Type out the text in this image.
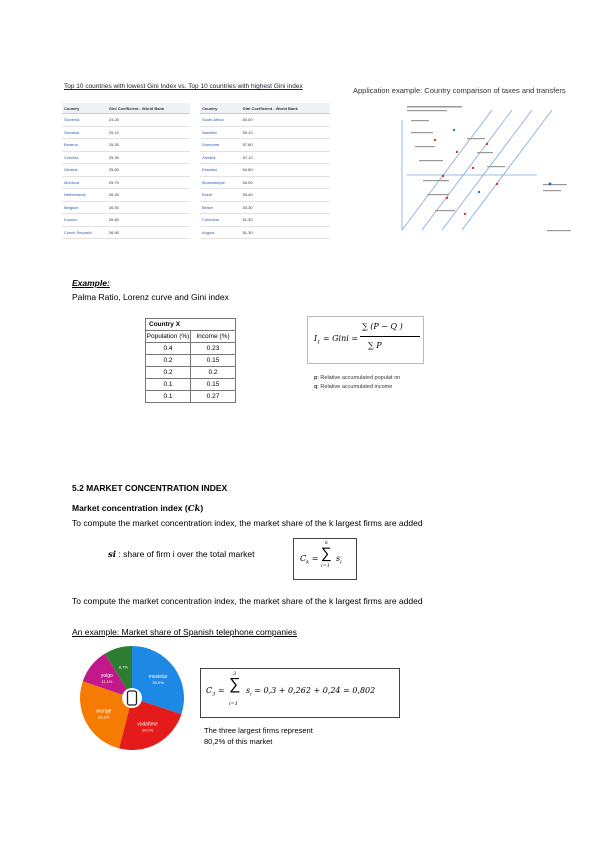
Top 10 countries with lowest Gini Index vs. Top 10 countries with highest Gini index
Country	Gini Coefficient - World Bank
Slovenia	24.20
Slovakia	25.10
Belarus	25.30
Czechia	25.30
Ukraine	25.60
Moldova	25.70
Netherlands	26.40
Belgium	26.50
Kosovo	26.80
Czech Republic	26.90
Country	Gini Coefficient - World Bank
South Africa	63.00
Namibia	59.10
Suriname	57.60
Zambia	57.10
Eswatini	54.60
Mozambique	54.00
Brazil	53.40
Belize	53.30
Colombia	51.30
Angola	51.30
Application example: Country comparison of taxes and transfers
Example:
Palma Ratio, Lorenz curve and Gini index
Country X	
Population (%)	Income (%)
0.4	0.23
0.2	0.15
0.2	0.2
0.1	0.15
0.1	0.27
$I_1$ = Gini =
∑ (P − Q )
∑ P
p: Relative accumulated populat on
q: Relative accumulated income
5.2 MARKET CONCENTRATION INDEX
Market concentration index (Ck)
To compute the market concentration index, the market share of the k largest firms are added
si : share of firm i over the total market	$C_k$ =
k
∑
i=1
$s_i$
To compute the market concentration index, the market share of the k largest firms are added
An example: Market share of Spanish telephone companies
movistar
30,0%
vodafone
24,0%
orange
26,2%
yoigo
11,1%
8,7%
$C_3$ =
3
∑
i=1
$s_i = 0,3 + 0,262 + 0,24 = 0,802$
The three largest firms represent
80,2% of this market
